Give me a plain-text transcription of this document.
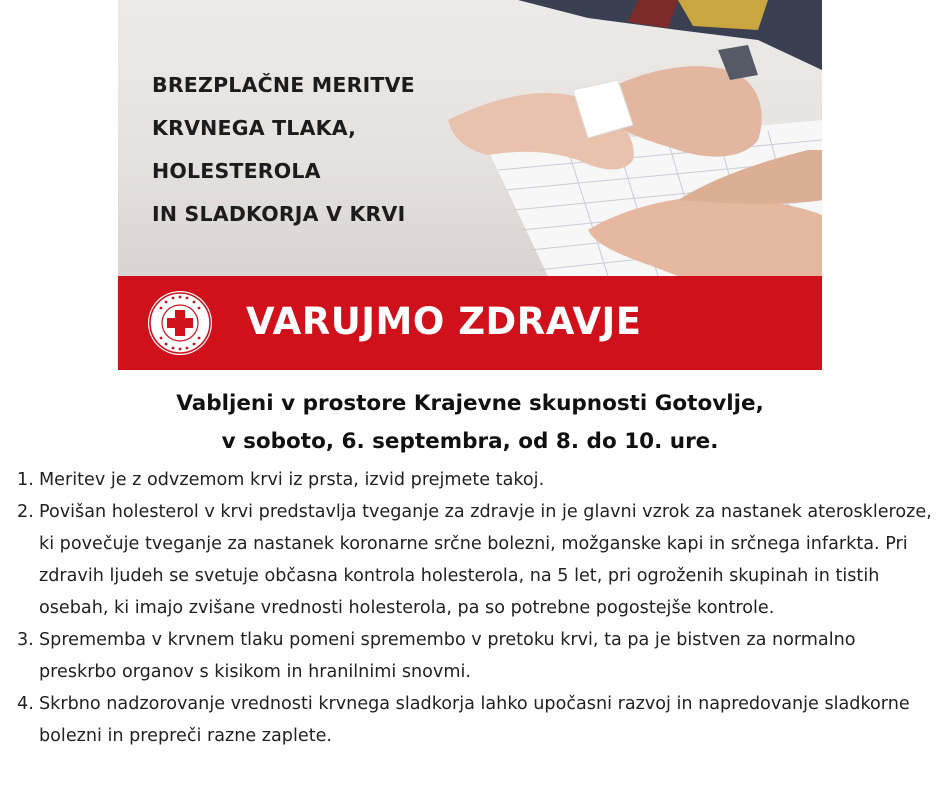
BREZPLAČNE MERITVE
KRVNEGA TLAKA,
HOLESTEROLA
IN SLADKORJA V KRVI
VARUJMO ZDRAVJE
Vabljeni v prostore Krajevne skupnosti Gotovlje,
v soboto, 6. septembra, od 8. do 10. ure.
1. Meritev je z odvzemom krvi iz prsta, izvid prejmete takoj.
2. Povišan holesterol v krvi predstavlja tveganje za zdravje in je glavni vzrok za nastanek ateroskleroze, ki povečuje tveganje za nastanek koronarne srčne bolezni, možganske kapi in srčnega infarkta. Pri zdravih ljudeh se svetuje občasna kontrola holesterola, na 5 let, pri ogroženih skupinah in tistih osebah, ki imajo zvišane vrednosti holesterola, pa so potrebne pogostejše kontrole.
3. Sprememba v krvnem tlaku pomeni spremembo v pretoku krvi, ta pa je bistven za normalno preskrbo organov s kisikom in hranilnimi snovmi.
4. Skrbno nadzorovanje vrednosti krvnega sladkorja lahko upočasni razvoj in napredovanje sladkorne bolezni in prepreči razne zaplete.
